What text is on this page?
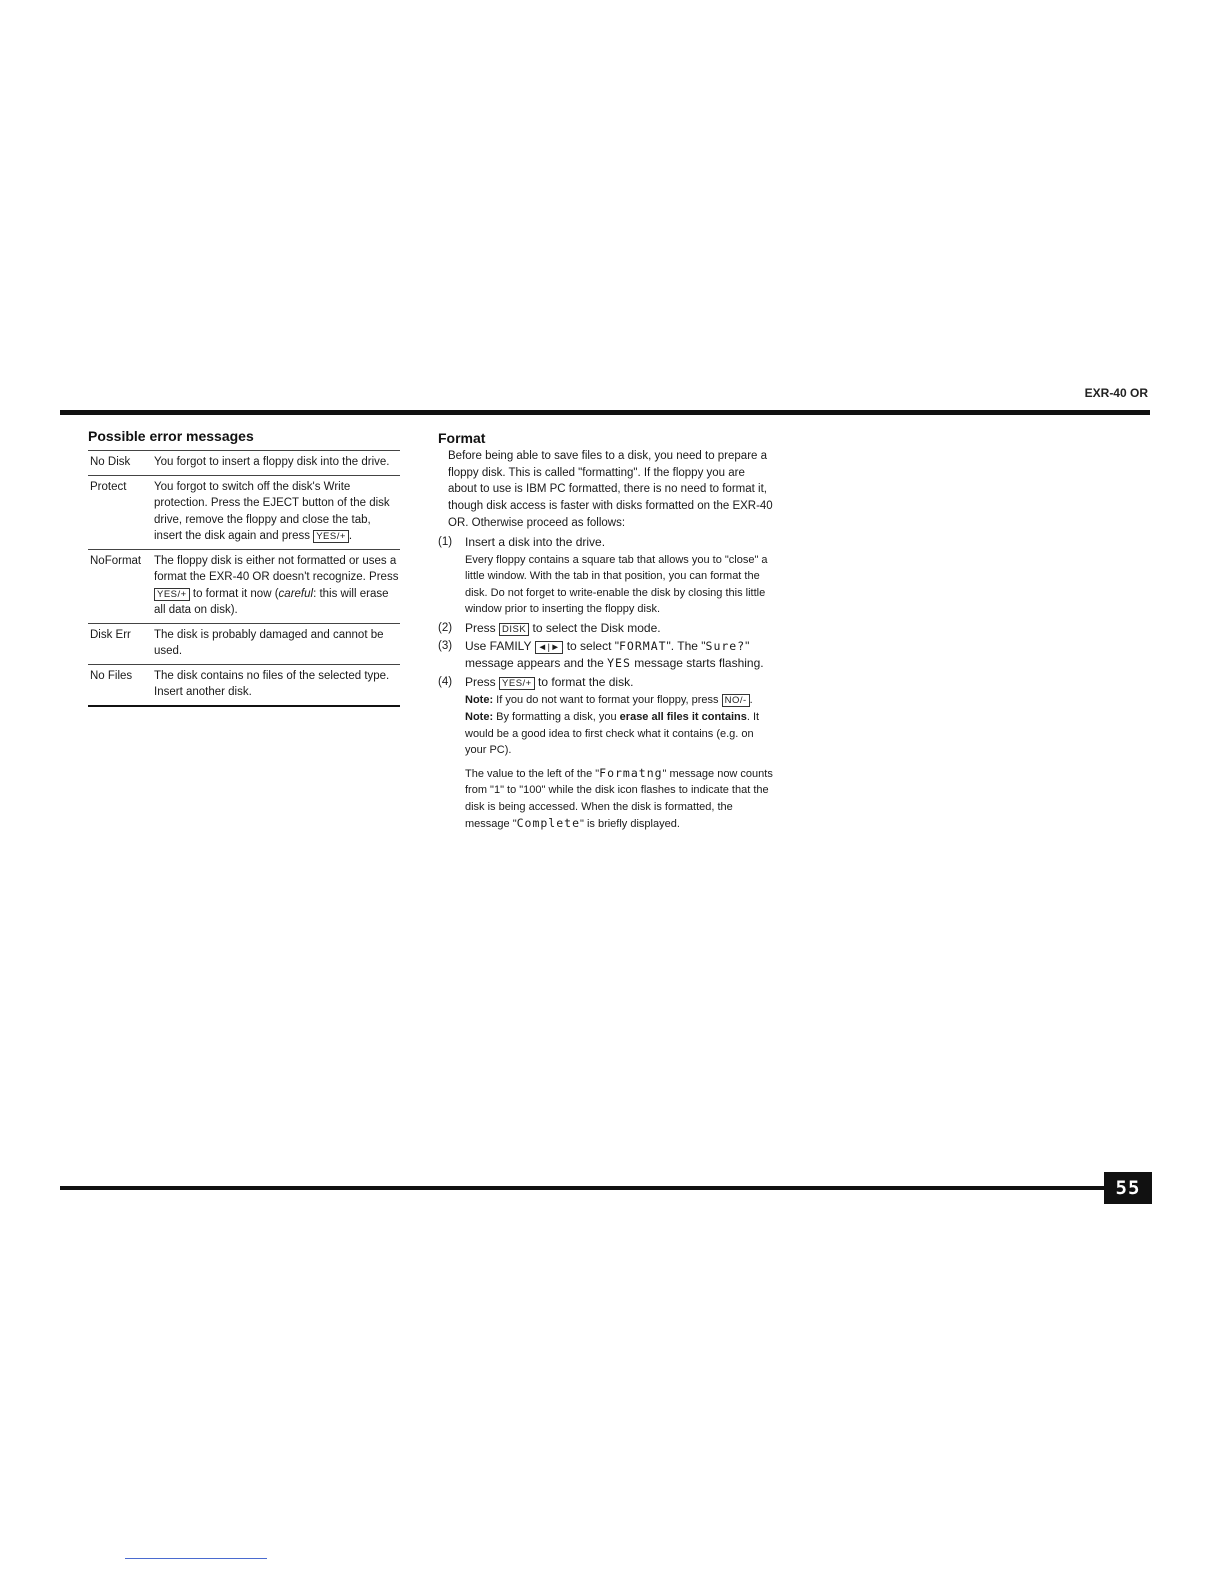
EXR-40 OR
Possible error messages
No Disk	You forgot to insert a floppy disk into the drive.
Protect	You forgot to switch off the disk's Write protection. Press the EJECT button of the disk drive, remove the floppy and close the tab, insert the disk again and press YES/+ .
NoFormat	The floppy disk is either not formatted or uses a format the EXR-40 OR doesn't recognize. Press YES/+ to format it now (careful: this will erase all data on disk).
Disk Err	The disk is probably damaged and cannot be used.
No Files	The disk contains no files of the selected type. Insert another disk.
Format
Before being able to save files to a disk, you need to prepare a floppy disk. This is called "formatting". If the floppy you are about to use is IBM PC formatted, there is no need to format it, though disk access is faster with disks formatted on the EXR-40 OR. Otherwise proceed as follows:
(1) Insert a disk into the drive.
Every floppy contains a square tab that allows you to "close" a little window. With the tab in that position, you can format the disk. Do not forget to write-enable the disk by closing this little window prior to inserting the floppy disk.
(2) Press DISK to select the Disk mode.
(3) Use FAMILY ◄|► to select "FORMAT". The "Sure?" message appears and the YES message starts flashing.
(4) Press YES/+ to format the disk.
Note: If you do not want to format your floppy, press NO/- .
Note: By formatting a disk, you erase all files it contains. It would be a good idea to first check what it contains (e.g. on your PC).
The value to the left of the "Formatng" message now counts from "1" to "100" while the disk icon flashes to indicate that the disk is being accessed. When the disk is formatted, the message "Complete" is briefly displayed.
55
